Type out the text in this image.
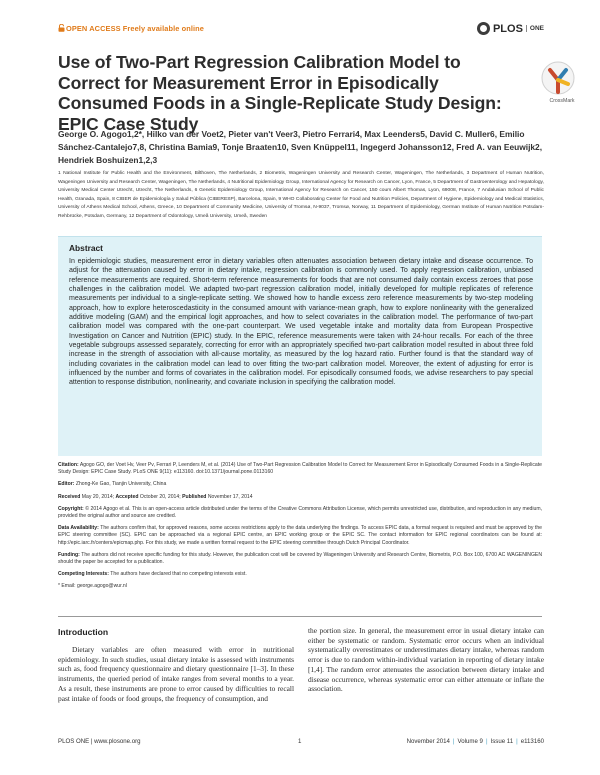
OPEN ACCESS Freely available online	PLOS	ONE
Use of Two-Part Regression Calibration Model to Correct for Measurement Error in Episodically Consumed Foods in a Single-Replicate Study Design: EPIC Case Study
CrossMark
George O. Agogo1,2*, Hilko van der Voet2, Pieter van't Veer3, Pietro Ferrari4, Max Leenders5, David C. Muller6, Emilio Sánchez-Cantalejo7,8, Christina Bamia9, Tonje Braaten10, Sven Knüppel11, Ingegerd Johansson12, Fred A. van Eeuwijk2, Hendriek Boshuizen1,2,3
1 National Institute for Public Health and the Environment, Bilthoven, The Netherlands, 2 Biometris, Wageningen University and Research Center, Wageningen, The Netherlands, 3 Department of Human Nutrition, Wageningen University and Research Center, Wageningen, The Netherlands, 4 Nutritional Epidemiology Group, International Agency for Research on Cancer, Lyon, France, 5 Department of Gastroenterology and Hepatology, University Medical Center Utrecht, Utrecht, The Netherlands, 6 Genetic Epidemiology Group, International Agency for Research on Cancer, 150 cours Albert Thomas, Lyon, 69008, France, 7 Andalusian School of Public Health, Granada, Spain, 8 CIBER de Epidemiología y Salud Pública (CIBERESP), Barcelona, Spain, 9 WHO Collaborating Center for Food and Nutrition Policies, Department of Hygiene, Epidemiology and Medical Statistics, University of Athens Medical School, Athens, Greece, 10 Department of Community Medicine, University of Tromsø, N-9037, Tromsø, Norway, 11 Department of Epidemiology, German Institute of Human Nutrition Potsdam-Rehbrücke, Potsdam, Germany, 12 Department of Odontology, Umeå University, Umeå, Sweden
Abstract

In epidemiologic studies, measurement error in dietary variables often attenuates association between dietary intake and disease occurrence. To adjust for the attenuation caused by error in dietary intake, regression calibration is commonly used. To apply regression calibration, unbiased reference measurements are required. Short-term reference measurements for foods that are not consumed daily contain excess zeroes that pose challenges in the calibration model. We adapted two-part regression calibration model, initially developed for multiple replicates of reference measurements per individual to a single-replicate setting. We showed how to handle excess zero reference measurements by two-step modeling approach, how to explore heteroscedasticity in the consumed amount with variance-mean graph, how to explore nonlinearity with the generalized additive modeling (GAM) and the empirical logit approaches, and how to select covariates in the calibration model. The performance of two-part calibration model was compared with the one-part counterpart. We used vegetable intake and mortality data from European Prospective Investigation on Cancer and Nutrition (EPIC) study. In the EPIC, reference measurements were taken with 24-hour recalls. For each of the three vegetable subgroups assessed separately, correcting for error with an appropriately specified two-part calibration model resulted in about three fold increase in the strength of association with all-cause mortality, as measured by the log hazard ratio. Further found is that the standard way of including covariates in the calibration model can lead to over fitting the two-part calibration model. Moreover, the extent of adjusting for error is influenced by the number and forms of covariates in the calibration model. For episodically consumed foods, we advise researchers to pay special attention to response distribution, nonlinearity, and covariate inclusion in specifying the calibration model.

Citation: Agogo GO, der Voet Hv, Veer Pv, Ferrari P, Leenders M, et al. (2014) Use of Two-Part Regression Calibration Model to Correct for Measurement Error in Episodically Consumed Foods in a Single-Replicate Study Design: EPIC Case Study. PLoS ONE 9(11): e113160. doi:10.1371/journal.pone.0113160
Editor: Zhong-Ke Gao, Tianjin University, China
Received May 20, 2014; Accepted October 20, 2014; Published November 17, 2014
Copyright: © 2014 Agogo et al. This is an open-access article distributed under the terms of the Creative Commons Attribution License, which permits unrestricted use, distribution, and reproduction in any medium, provided the original author and source are credited.
Data Availability: The authors confirm that, for approved reasons, some access restrictions apply to the data underlying the findings. To access EPIC data, a formal request is required and must be approved by the EPIC steering committee (SC). EPIC can be approached via a regional EPIC centre, an EPIC working group or the EPIC SC. The contact information for EPIC regional coordinators can be found at: http://epic.iarc.fr/centers/epicmap.php. For this study, we made a written formal request to the EPIC steering committee through Dutch Principal Coordinator.
Funding: The authors did not receive specific funding for this study. However, the publication cost will be covered by Wageningen University and Research Centre, Biometris, P.O. Box 100, 6700 AC WAGENINGEN should the paper be accepted for a publication.
Competing Interests: The authors have declared that no competing interests exist.
* Email: george.agogo@wur.nl
Introduction
Dietary variables are often measured with error in nutritional epidemiology. In such studies, usual dietary intake is assessed with instruments such as, food frequency questionnaire and dietary questionnaire [1–3]. In these instruments, the queried period of intake ranges from several months to a year. As a result, these instruments are prone to error caused by difficulties to recall past intake of foods or food groups, the frequency of consumption, and
the portion size. In general, the measurement error in usual dietary intake can either be systematic or random. Systematic error occurs when an individual systematically overestimates or underestimates dietary intake, whereas random error is due to random within-individual variation in reporting of dietary intake [1,4]. The random error attenuates the association between dietary intake and disease occurrence, whereas systematic error can either attenuate or inflate the association.
PLOS ONE | www.plosone.org	1	November 2014 | Volume 9 | Issue 11 | e113160
